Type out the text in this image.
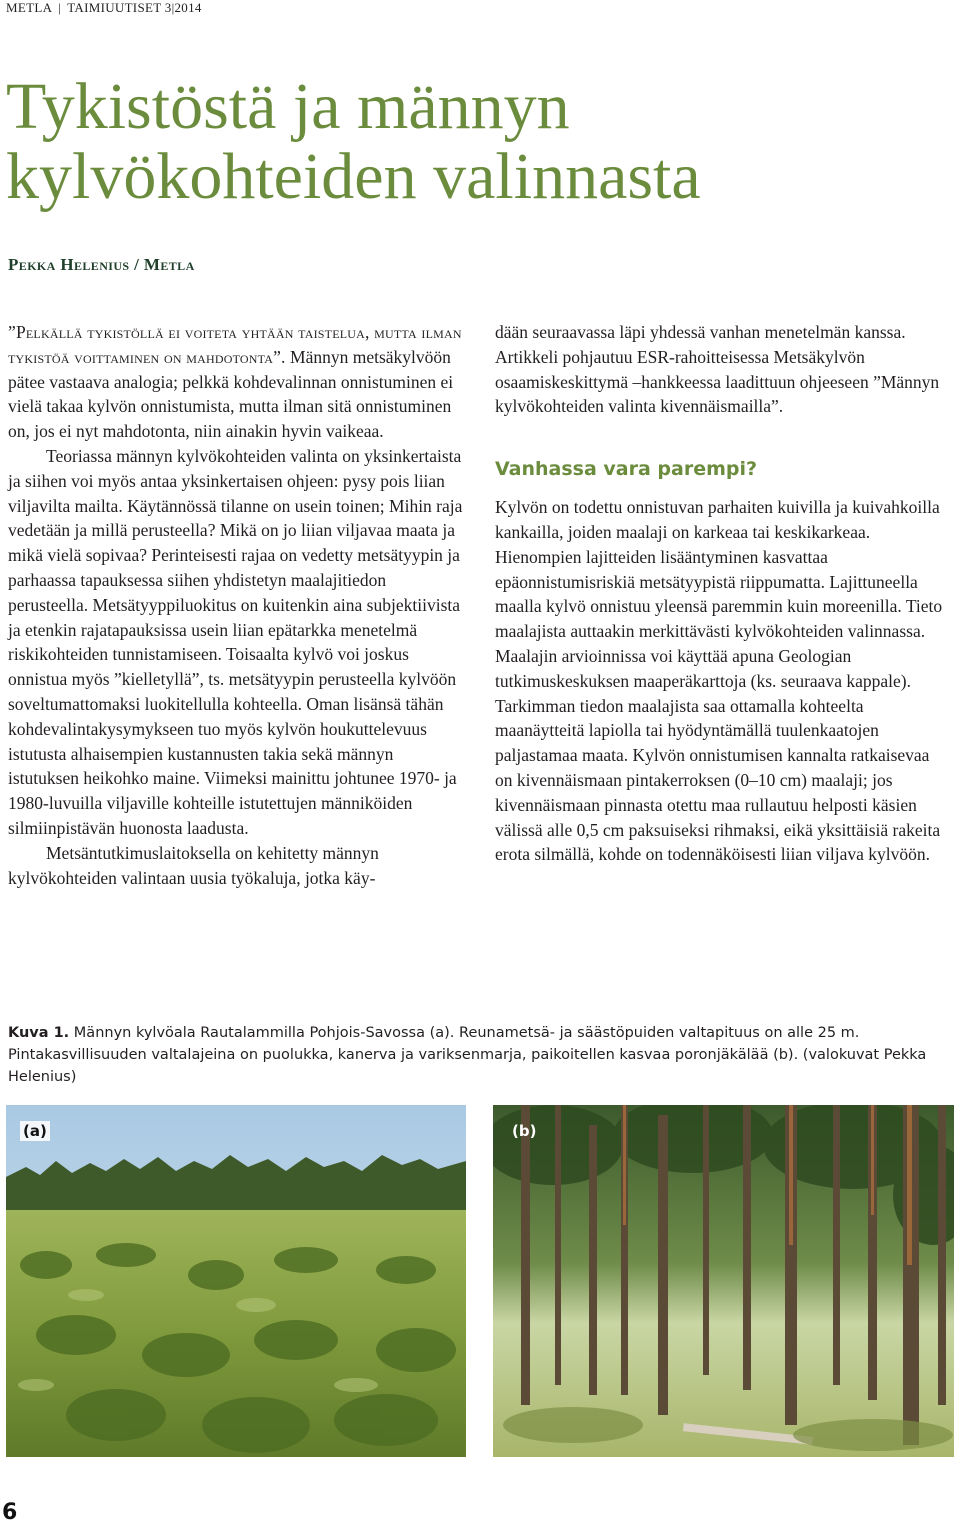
METLA | TAIMIUUTISET 3|2014
Tykistöstä ja männyn kylvökohteiden valinnasta
Pekka Helenius / Metla

”Pelkällä tykistöllä ei voiteta yhtään taistelua, mutta ilman tykistöä voittaminen on mahdotonta”. Männyn metsäkylvöön pätee vastaava analogia; pelkkä kohdevalinnan onnistuminen ei vielä takaa kylvön onnistumista, mutta ilman sitä onnistuminen on, jos ei nyt mahdotonta, niin ainakin hyvin vaikeaa.

Teoriassa männyn kylvökohteiden valinta on yksinkertaista ja siihen voi myös antaa yksinkertaisen ohjeen: pysy pois liian viljavilta mailta. Käytännössä tilanne on usein toinen; Mihin raja vedetään ja millä perusteella? Mikä on jo liian viljavaa maata ja mikä vielä sopivaa? Perinteisesti rajaa on vedetty metsätyypin ja parhaassa tapauksessa siihen yhdistetyn maalajitiedon perusteella. Metsätyyppiluokitus on kuitenkin aina subjektiivista ja etenkin rajatapauksissa usein liian epätarkka menetelmä riskikohteiden tunnistamiseen. Toisaalta kylvö voi joskus onnistua myös ”kielletyllä”, ts. metsätyypin perusteella kylvöön soveltumattomaksi luokitellulla kohteella. Oman lisänsä tähän kohdevalintakysymykseen tuo myös kylvön houkuttelevuus istutusta alhaisempien kustannusten takia sekä männyn istutuksen heikohko maine. Viimeksi mainittu johtunee 1970- ja 1980-luvuilla viljaville kohteille istutettujen männiköiden silmiinpistävän huonosta laadusta.

Metsäntutkimuslaitoksella on kehitetty männyn kylvökohteiden valintaan uusia työkaluja, jotka käy-

dään seuraavassa läpi yhdessä vanhan menetelmän kanssa. Artikkeli pohjautuu ESR-rahoitteisessa Metsäkylvön osaamiskeskittymä –hankkeessa laadittuun ohjeeseen ”Männyn kylvökohteiden valinta kivennäismailla”.

Vanhassa vara parempi?

Kylvön on todettu onnistuvan parhaiten kuivilla ja kuivahkoilla kankailla, joiden maalaji on karkeaa tai keskikarkeaa. Hienompien lajitteiden lisääntyminen kasvattaa epäonnistumisriskiä metsätyypistä riippumatta. Lajittuneella maalla kylvö onnistuu yleensä paremmin kuin moreenilla. Tieto maalajista auttaakin merkittävästi kylvökohteiden valinnassa. Maalajin arvioinnissa voi käyttää apuna Geologian tutkimuskeskuksen maaperäkarttoja (ks. seuraava kappale). Tarkimman tiedon maalajista saa ottamalla kohteelta maanäytteitä lapiolla tai hyödyntämällä tuulenkaatojen paljastamaa maata. Kylvön onnistumisen kannalta ratkaisevaa on kivennäismaan pintakerroksen (0–10 cm) maalaji; jos kivennäismaan pinnasta otettu maa rullautuu helposti käsien välissä alle 0,5 cm paksuiseksi rihmaksi, eikä yksittäisiä rakeita erota silmällä, kohde on todennäköisesti liian viljava kylvöön.

Kuva 1. Männyn kylvöala Rautalammilla Pohjois-Savossa (a). Reunametsä- ja säästöpuiden valtapituus on alle 25 m. Pintakasvillisuuden valtalajeina on puolukka, kanerva ja variksenmarja, paikoitellen kasvaa poronjäkälää (b). (valokuvat Pekka Helenius)
(a)	(b)
6
